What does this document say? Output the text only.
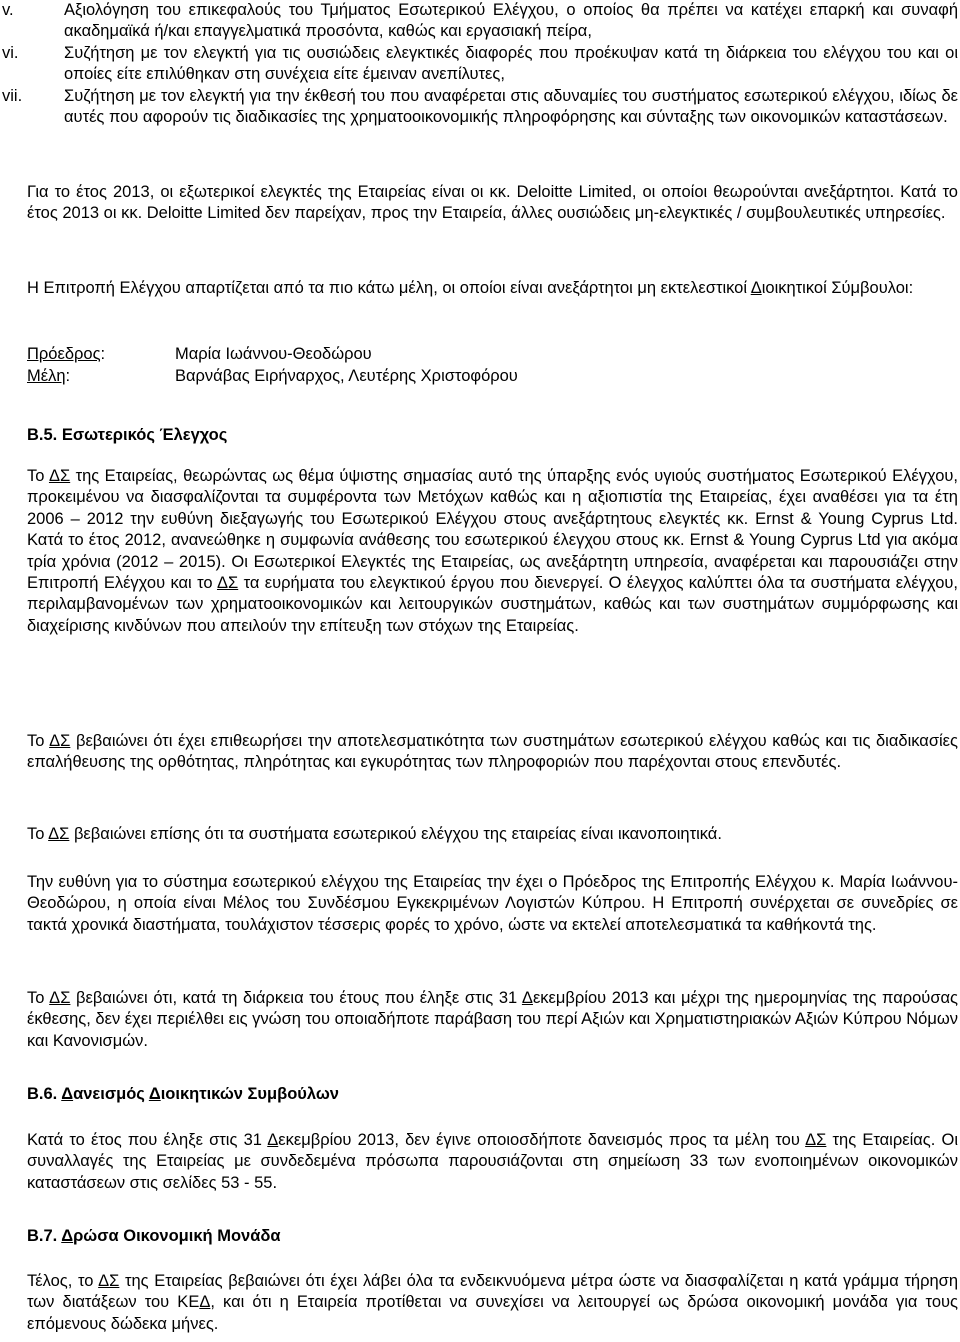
v.	Αξιολόγηση του επικεφαλούς του Τμήματος Εσωτερικού Ελέγχου, ο οποίος θα πρέπει να κατέχει επαρκή και συναφή ακαδημαϊκά ή/και επαγγελματικά προσόντα, καθώς και εργασιακή πείρα,
vi.	Συζήτηση με τον ελεγκτή για τις ουσιώδεις ελεγκτικές διαφορές που προέκυψαν κατά τη διάρκεια του ελέγχου του και οι οποίες είτε επιλύθηκαν στη συνέχεια είτε έμειναν ανεπίλυτες,
vii.	Συζήτηση με τον ελεγκτή για την έκθεσή του που αναφέρεται στις αδυναμίες του συστήματος εσωτερικού ελέγχου, ιδίως δε αυτές που αφορούν τις διαδικασίες της χρηματοοικονομικής πληροφόρησης και σύνταξης των οικονομικών καταστάσεων.
Για το έτος 2013, οι εξωτερικοί ελεγκτές της Εταιρείας είναι οι κκ. Deloitte Limited, οι οποίοι θεωρούνται ανεξάρτητοι. Κατά το έτος 2013 οι κκ. Deloitte Limited δεν παρείχαν, προς την Εταιρεία, άλλες ουσιώδεις μη-ελεγκτικές / συμβουλευτικές υπηρεσίες.
Η Επιτροπή Ελέγχου απαρτίζεται από τα πιο κάτω μέλη, οι οποίοι είναι ανεξάρτητοι μη εκτελεστικοί Διοικητικοί Σύμβουλοι:
Πρόεδρος:	Μαρία Ιωάννου-Θεοδώρου
Μέλη:	Βαρνάβας Ειρήναρχος, Λευτέρης Χριστοφόρου
Β.5. Εσωτερικός Έλεγχος
Το ΔΣ της Εταιρείας, θεωρώντας ως θέμα ύψιστης σημασίας αυτό της ύπαρξης ενός υγιούς συστήματος Εσωτερικού Ελέγχου, προκειμένου να διασφαλίζονται τα συμφέροντα των Μετόχων καθώς και η αξιοπιστία της Εταιρείας, έχει αναθέσει για τα έτη 2006 – 2012 την ευθύνη διεξαγωγής του Εσωτερικού Ελέγχου στους ανεξάρτητους ελεγκτές κκ. Ernst & Young Cyprus Ltd. Κατά το έτος 2012, ανανεώθηκε η συμφωνία ανάθεσης του εσωτερικού έλεγχου στους κκ. Ernst & Young Cyprus Ltd για ακόμα τρία χρόνια (2012 – 2015). Οι Εσωτερικοί Ελεγκτές της Εταιρείας, ως ανεξάρτητη υπηρεσία, αναφέρεται και παρουσιάζει στην Επιτροπή Ελέγχου και το ΔΣ τα ευρήματα του ελεγκτικού έργου που διενεργεί. Ο έλεγχος καλύπτει όλα τα συστήματα ελέγχου, περιλαμβανομένων των χρηματοοικονομικών και λειτουργικών συστημάτων, καθώς και των συστημάτων συμμόρφωσης και διαχείρισης κινδύνων που απειλούν την επίτευξη των στόχων της Εταιρείας.
Το ΔΣ βεβαιώνει ότι έχει επιθεωρήσει την αποτελεσματικότητα των συστημάτων εσωτερικού ελέγχου καθώς και τις διαδικασίες επαλήθευσης της ορθότητας, πληρότητας και εγκυρότητας των πληροφοριών που παρέχονται στους επενδυτές.
Το ΔΣ βεβαιώνει επίσης ότι τα συστήματα εσωτερικού ελέγχου της εταιρείας είναι ικανοποιητικά.
Την ευθύνη για το σύστημα εσωτερικού ελέγχου της Εταιρείας την έχει ο Πρόεδρος της Επιτροπής Ελέγχου κ. Μαρία Ιωάννου-Θεοδώρου, η οποία είναι Μέλος του Συνδέσμου Εγκεκριμένων Λογιστών Κύπρου. Η Επιτροπή συνέρχεται σε συνεδρίες σε τακτά χρονικά διαστήματα, τουλάχιστον τέσσερις φορές το χρόνο, ώστε να εκτελεί αποτελεσματικά τα καθήκοντά της.
Το ΔΣ βεβαιώνει ότι, κατά τη διάρκεια του έτους που έληξε στις 31 Δεκεμβρίου 2013 και μέχρι της ημερομηνίας της παρούσας έκθεσης, δεν έχει περιέλθει εις γνώση του οποιαδήποτε παράβαση του περί Αξιών και Χρηματιστηριακών Αξιών Κύπρου Νόμων και Κανονισμών.
Β.6. Δανεισμός Διοικητικών Συμβούλων
Κατά το έτος που έληξε στις 31 Δεκεμβρίου 2013, δεν έγινε οποιοσδήποτε δανεισμός προς τα μέλη του ΔΣ της Εταιρείας. Οι συναλλαγές της Εταιρείας με συνδεδεμένα πρόσωπα παρουσιάζονται στη σημείωση 33 των ενοποιημένων οικονομικών καταστάσεων στις σελίδες 53 - 55.
Β.7. Δρώσα Οικονομική Μονάδα
Τέλος, το ΔΣ της Εταιρείας βεβαιώνει ότι έχει λάβει όλα τα ενδεικνυόμενα μέτρα ώστε να διασφαλίζεται η κατά γράμμα τήρηση των διατάξεων του ΚΕΔ, και ότι η Εταιρεία προτίθεται να συνεχίσει να λειτουργεί ως δρώσα οικονομική μονάδα για τους επόμενους δώδεκα μήνες.
